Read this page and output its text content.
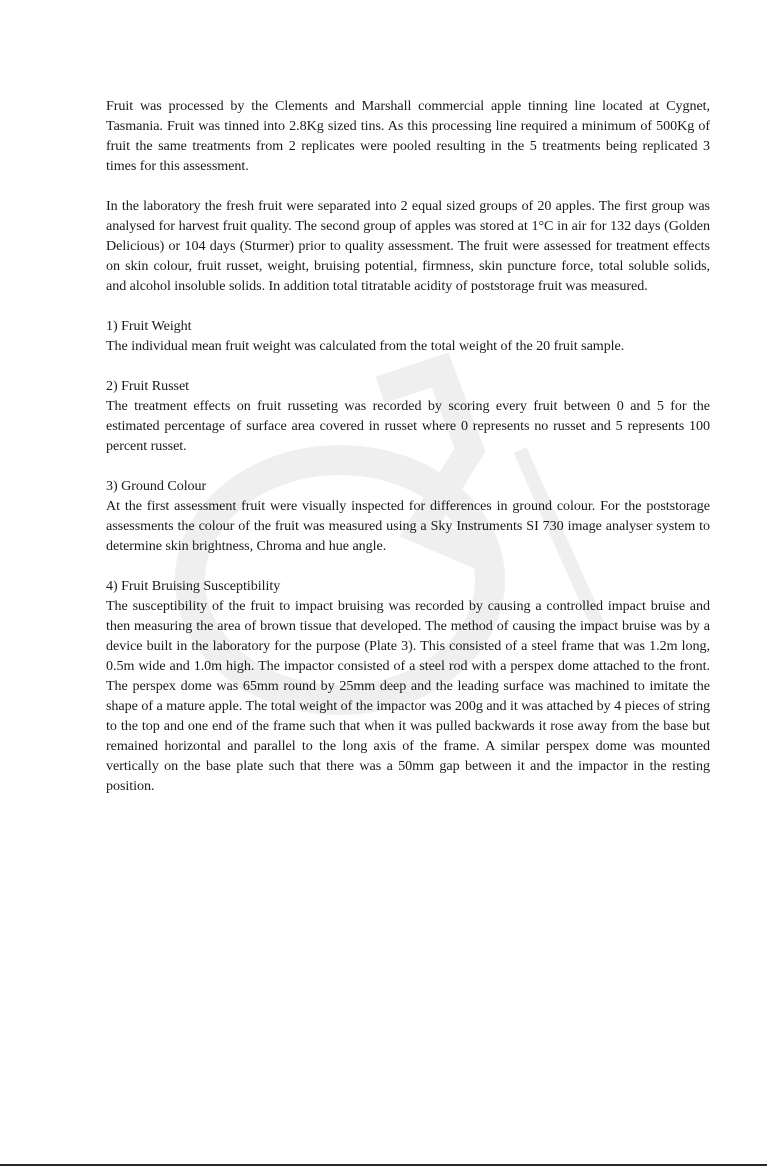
Fruit was processed by the Clements and Marshall commercial apple tinning line located at Cygnet, Tasmania. Fruit was tinned into 2.8Kg sized tins. As this processing line required a minimum of 500Kg of fruit the same treatments from 2 replicates were pooled resulting in the 5 treatments being replicated 3 times for this assessment.

In the laboratory the fresh fruit were separated into 2 equal sized groups of 20 apples. The first group was analysed for harvest fruit quality. The second group of apples was stored at 1°C in air for 132 days (Golden Delicious) or 104 days (Sturmer) prior to quality assessment. The fruit were assessed for treatment effects on skin colour, fruit russet, weight, bruising potential, firmness, skin puncture force, total soluble solids, and alcohol insoluble solids. In addition total titratable acidity of poststorage fruit was measured.

1) Fruit Weight

The individual mean fruit weight was calculated from the total weight of the 20 fruit sample.

2) Fruit Russet

The treatment effects on fruit russeting was recorded by scoring every fruit between 0 and 5 for the estimated percentage of surface area covered in russet where 0 represents no russet and 5 represents 100 percent russet.

3) Ground Colour

At the first assessment fruit were visually inspected for differences in ground colour. For the poststorage assessments the colour of the fruit was measured using a Sky Instruments SI 730 image analyser system to determine skin brightness, Chroma and hue angle.

4) Fruit Bruising Susceptibility

The susceptibility of the fruit to impact bruising was recorded by causing a controlled impact bruise and then measuring the area of brown tissue that developed. The method of causing the impact bruise was by a device built in the laboratory for the purpose (Plate 3). This consisted of a steel frame that was 1.2m long, 0.5m wide and 1.0m high. The impactor consisted of a steel rod with a perspex dome attached to the front. The perspex dome was 65mm round by 25mm deep and the leading surface was machined to imitate the shape of a mature apple. The total weight of the impactor was 200g and it was attached by 4 pieces of string to the top and one end of the frame such that when it was pulled backwards it rose away from the base but remained horizontal and parallel to the long axis of the frame. A similar perspex dome was mounted vertically on the base plate such that there was a 50mm gap between it and the impactor in the resting position.
